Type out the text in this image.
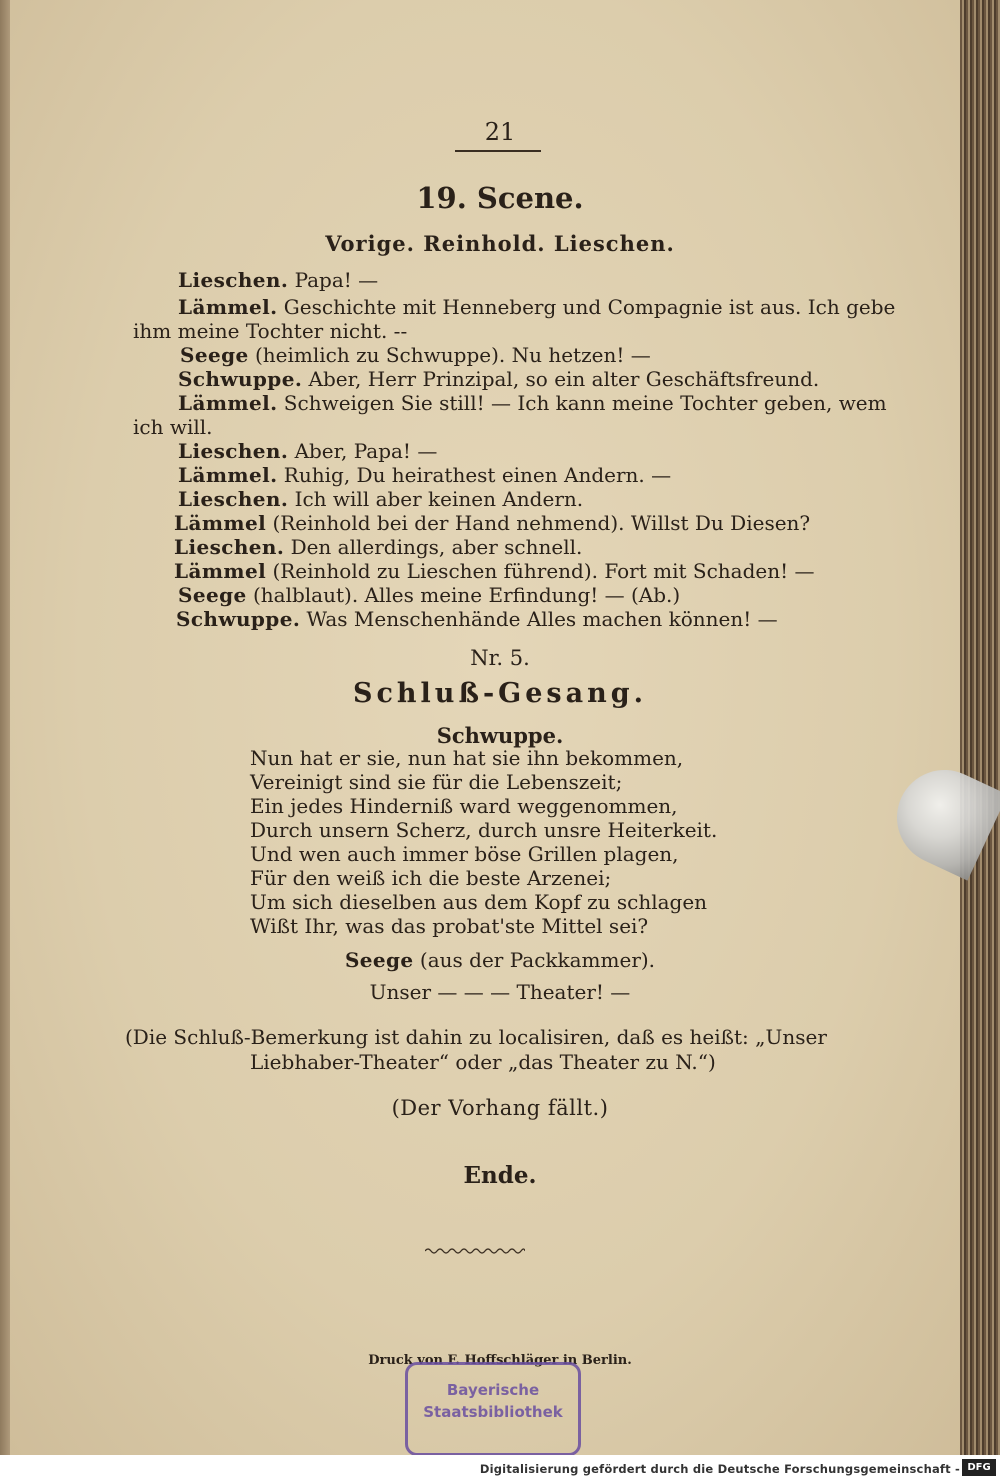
21
19. Scene.
Vorige. Reinhold. Lieschen.
Lieschen. Papa! —
Lämmel. Geschichte mit Henneberg und Compagnie ist aus. Ich gebe
ihm meine Tochter nicht. --
Seege (heimlich zu Schwuppe). Nu hetzen! —
Schwuppe. Aber, Herr Prinzipal, so ein alter Geschäftsfreund.
Lämmel. Schweigen Sie still! — Ich kann meine Tochter geben, wem
ich will.
Lieschen. Aber, Papa! —
Lämmel. Ruhig, Du heirathest einen Andern. —
Lieschen. Ich will aber keinen Andern.
Lämmel (Reinhold bei der Hand nehmend). Willst Du Diesen?
Lieschen. Den allerdings, aber schnell.
Lämmel (Reinhold zu Lieschen führend). Fort mit Schaden! —
Seege (halblaut). Alles meine Erfindung! — (Ab.)
Schwuppe. Was Menschenhände Alles machen können! —
Nr. 5.
Schluß-Gesang.
Schwuppe.
Nun hat er sie, nun hat sie ihn bekommen,
Vereinigt sind sie für die Lebenszeit;
Ein jedes Hinderniß ward weggenommen,
Durch unsern Scherz, durch unsre Heiterkeit.
Und wen auch immer böse Grillen plagen,
Für den weiß ich die beste Arzenei;
Um sich dieselben aus dem Kopf zu schlagen
Wißt Ihr, was das probat'ste Mittel sei?
Seege (aus der Packkammer).
Unser — — — Theater! —
(Die Schluß-Bemerkung ist dahin zu localisiren, daß es heißt: „Unser
Liebhaber-Theater“ oder „das Theater zu N.“)
(Der Vorhang fällt.)
Ende.
Druck von F. Hoffschläger in Berlin.
Bayerische
Staatsbibliothek
Digitalisierung gefördert durch die Deutsche Forschungsgemeinschaft - DFG
